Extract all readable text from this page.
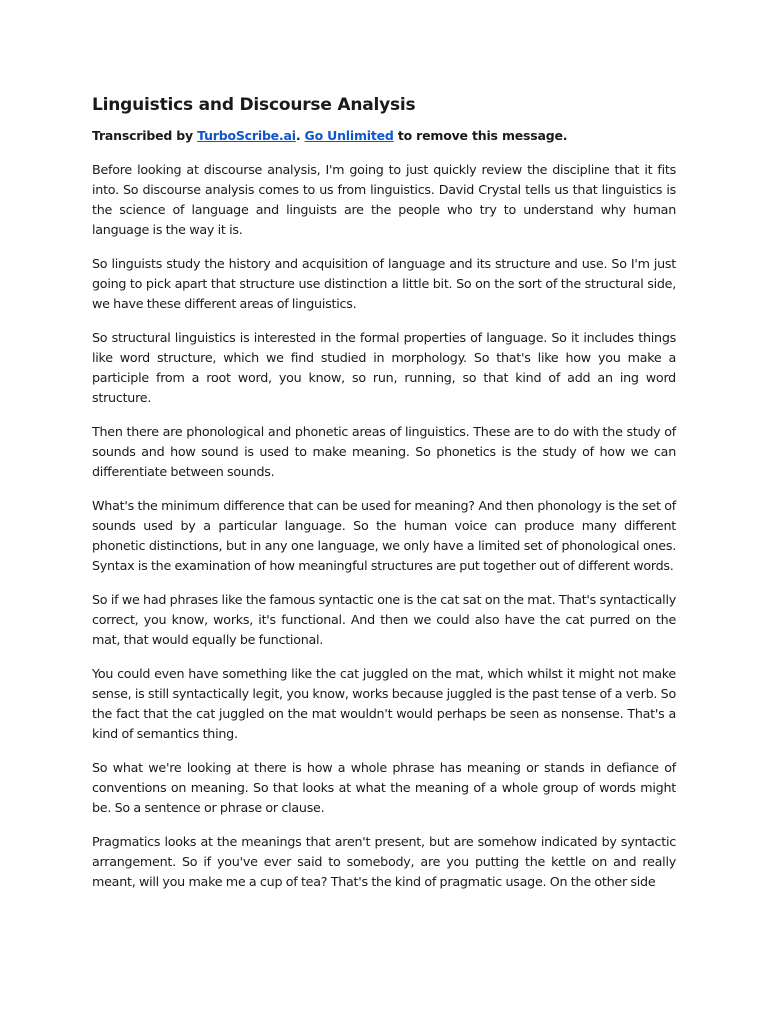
Linguistics and Discourse Analysis

Transcribed by TurboScribe.ai. Go Unlimited to remove this message.

Before looking at discourse analysis, I'm going to just quickly review the discipline that it fits into. So discourse analysis comes to us from linguistics. David Crystal tells us that linguistics is the science of language and linguists are the people who try to understand why human language is the way it is.

So linguists study the history and acquisition of language and its structure and use. So I'm just going to pick apart that structure use distinction a little bit. So on the sort of the structural side, we have these different areas of linguistics.

So structural linguistics is interested in the formal properties of language. So it includes things like word structure, which we find studied in morphology. So that's like how you make a participle from a root word, you know, so run, running, so that kind of add an ing word structure.

Then there are phonological and phonetic areas of linguistics. These are to do with the study of sounds and how sound is used to make meaning. So phonetics is the study of how we can differentiate between sounds.

What's the minimum difference that can be used for meaning? And then phonology is the set of sounds used by a particular language. So the human voice can produce many different phonetic distinctions, but in any one language, we only have a limited set of phonological ones. Syntax is the examination of how meaningful structures are put together out of different words.

So if we had phrases like the famous syntactic one is the cat sat on the mat. That's syntactically correct, you know, works, it's functional. And then we could also have the cat purred on the mat, that would equally be functional.

You could even have something like the cat juggled on the mat, which whilst it might not make sense, is still syntactically legit, you know, works because juggled is the past tense of a verb. So the fact that the cat juggled on the mat wouldn't would perhaps be seen as nonsense. That's a kind of semantics thing.

So what we're looking at there is how a whole phrase has meaning or stands in defiance of conventions on meaning. So that looks at what the meaning of a whole group of words might be. So a sentence or phrase or clause.

Pragmatics looks at the meanings that aren't present, but are somehow indicated by syntactic arrangement. So if you've ever said to somebody, are you putting the kettle on and really meant, will you make me a cup of tea? That's the kind of pragmatic usage. On the other side
